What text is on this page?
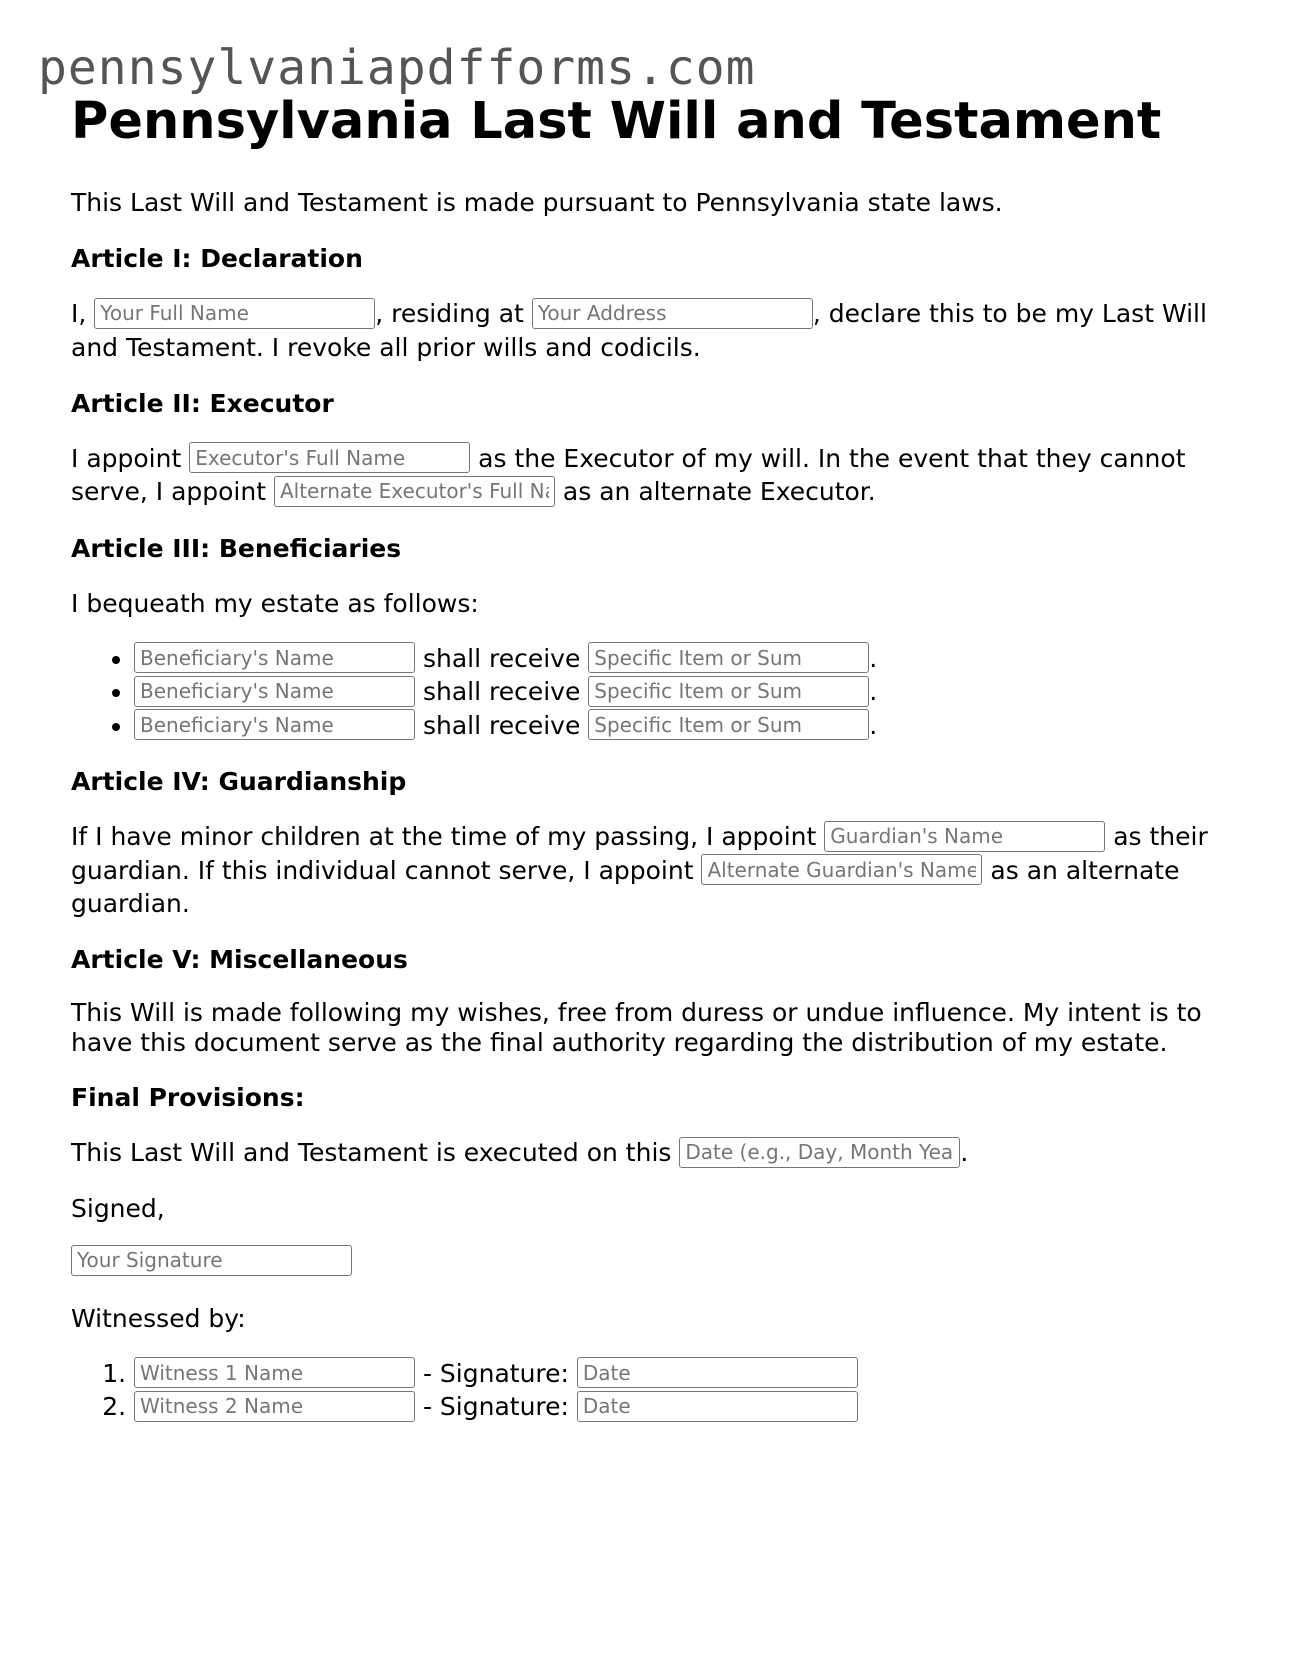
pennsylvaniapdfforms.com
Pennsylvania Last Will and Testament

This Last Will and Testament is made pursuant to Pennsylvania state laws.

Article I: Declaration

I, Your Full Name	, residing at Your Address	, declare this to be my Last Will and Testament. I revoke all prior wills and codicils.

Article II: Executor

I appoint Executor's Full Name	as the Executor of my will. In the event that they cannot serve, I appoint Alternate Executor's Full Name	as an alternate Executor.

Article III: Beneficiaries

I bequeath my estate as follows:

Beneficiary's Name • shall receive Specific Item or Sum	.
Beneficiary's Name • shall receive Specific Item or Sum	.
Beneficiary's Name • shall receive Specific Item or Sum	.

Article IV: Guardianship

If I have minor children at the time of my passing, I appoint Guardian's Name	as their guardian. If this individual cannot serve, I appoint Alternate Guardian's Name	as an alternate guardian.

Article V: Miscellaneous

This Will is made following my wishes, free from duress or undue influence. My intent is to have this document serve as the final authority regarding the distribution of my estate.

Final Provisions:

This Last Will and Testament is executed on this Date (e.g., Day, Month Year)	.

Signed,

Your Signature

Witnessed by:

Witness 1 Name 1. - Signature: Date
Witness 2 Name 2. - Signature: Date
